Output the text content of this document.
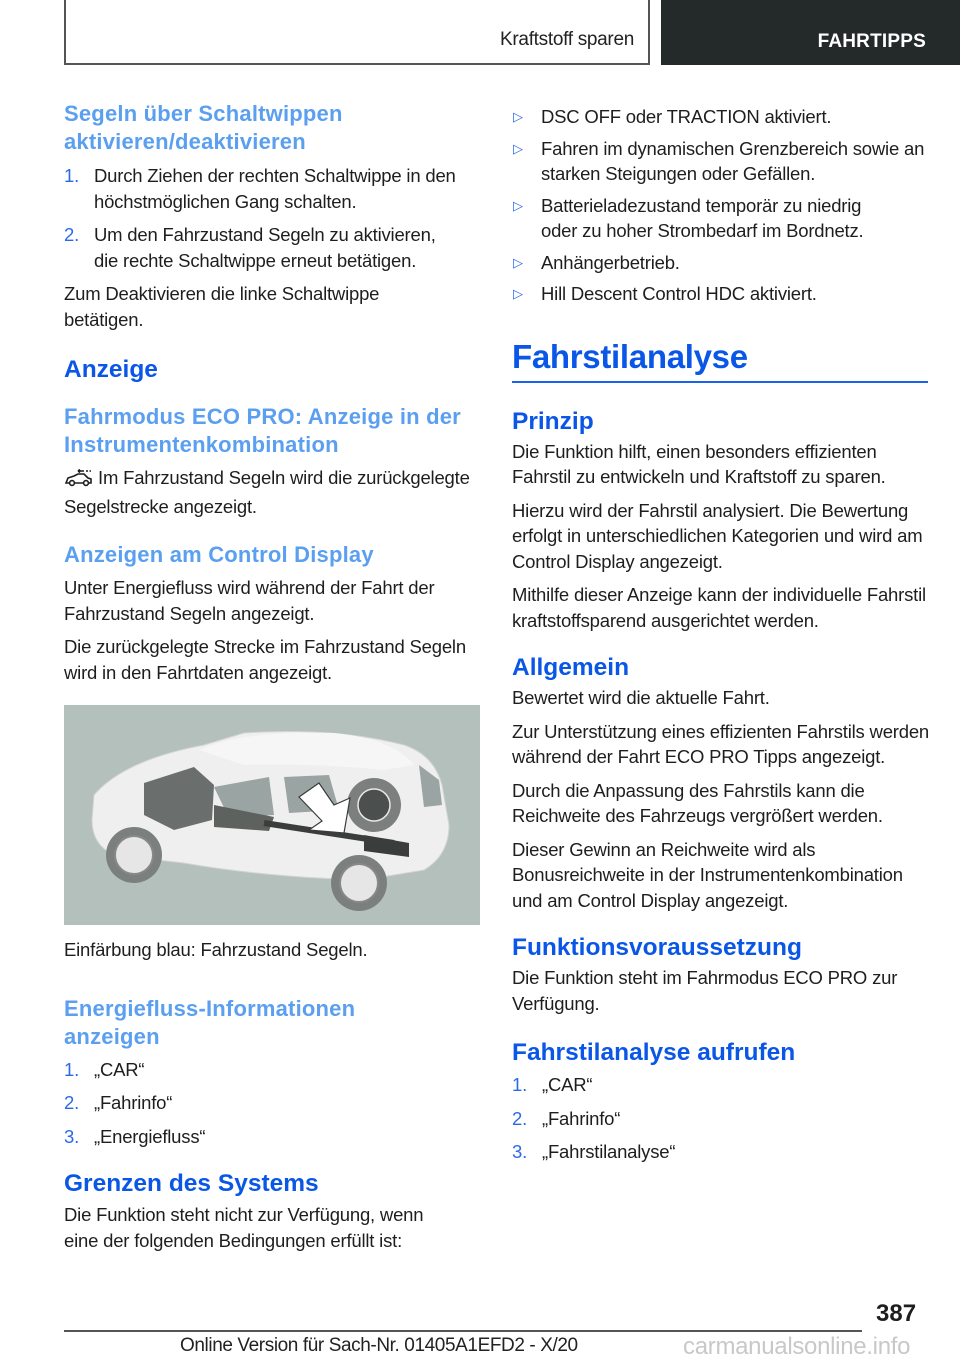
Kraftstoff sparen	FAHRTIPPS
Segeln über Schaltwippen aktivieren/deaktivieren
1. Durch Ziehen der rechten Schaltwippe in den höchstmöglichen Gang schalten.
2. Um den Fahrzustand Segeln zu aktivieren, die rechte Schaltwippe erneut betätigen.

Zum Deaktivieren die linke Schaltwippe betätigen.

Anzeige
Fahrmodus ECO PRO: Anzeige in der Instrumentenkombination

Im Fahrzustand Segeln wird die zurückgelegte Segelstrecke angezeigt.

Anzeigen am Control Display

Unter Energiefluss wird während der Fahrt der Fahrzustand Segeln angezeigt.

Die zurückgelegte Strecke im Fahrzustand Segeln wird in den Fahrtdaten angezeigt.

Einfärbung blau: Fahrzustand Segeln.

Energiefluss-Informationen anzeigen
1. „CAR“
2. „Fahrinfo“
3. „Energiefluss“
Grenzen des Systems

Die Funktion steht nicht zur Verfügung, wenn eine der folgenden Bedingungen erfüllt ist:

▷ DSC OFF oder TRACTION aktiviert.
▷ Fahren im dynamischen Grenzbereich sowie an starken Steigungen oder Gefällen.
▷ Batterieladezustand temporär zu niedrig oder zu hoher Strombedarf im Bordnetz.
▷ Anhängerbetrieb.
▷ Hill Descent Control HDC aktiviert.
Fahrstilanalyse
Prinzip

Die Funktion hilft, einen besonders effizienten Fahrstil zu entwickeln und Kraftstoff zu sparen.

Hierzu wird der Fahrstil analysiert. Die Bewertung erfolgt in unterschiedlichen Kategorien und wird am Control Display angezeigt.

Mithilfe dieser Anzeige kann der individuelle Fahrstil kraftstoffsparend ausgerichtet werden.

Allgemein

Bewertet wird die aktuelle Fahrt.

Zur Unterstützung eines effizienten Fahrstils werden während der Fahrt ECO PRO Tipps angezeigt.

Durch die Anpassung des Fahrstils kann die Reichweite des Fahrzeugs vergrößert werden.

Dieser Gewinn an Reichweite wird als Bonusreichweite in der Instrumentenkombination und am Control Display angezeigt.

Funktionsvoraussetzung

Die Funktion steht im Fahrmodus ECO PRO zur Verfügung.

Fahrstilanalyse aufrufen
1. „CAR“
2. „Fahrinfo“
3. „Fahrstilanalyse“
387
Online Version für Sach-Nr. 01405A1EFD2 - X/20	carmanualsonline.info
